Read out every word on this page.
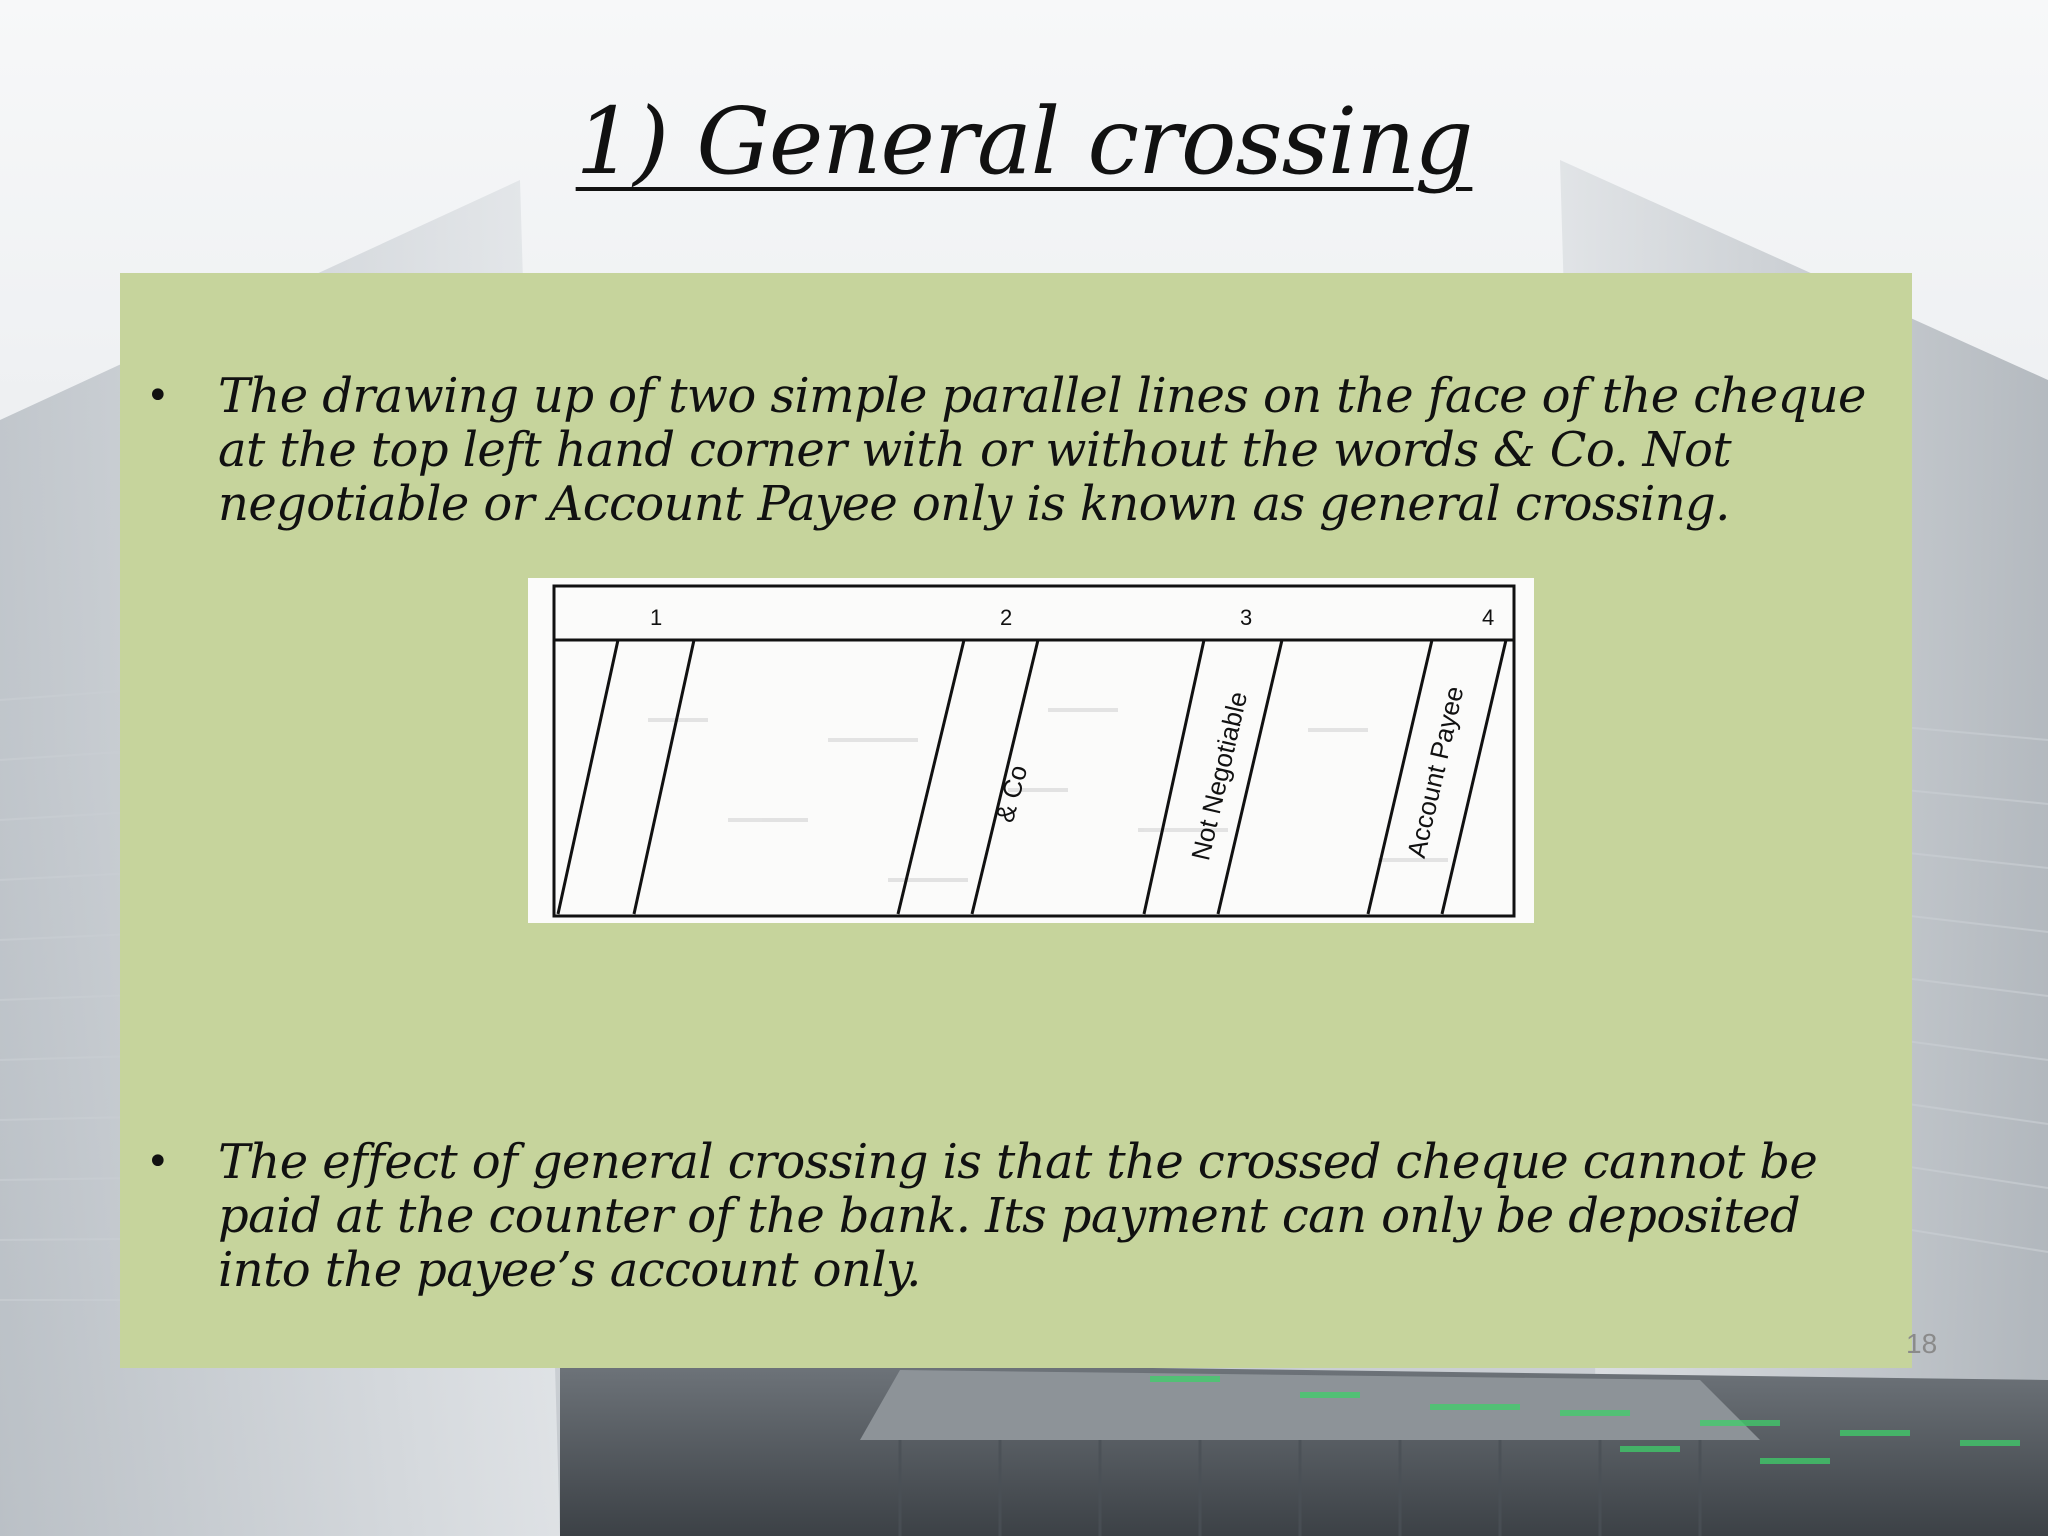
1) General crossing
• The drawing up of two simple parallel lines on the face of the cheque at the top left hand corner with or without the words & Co. Not negotiable or Account Payee only is known as general crossing.
1	2	3	4
& Co	Not Negotiable	Account Payee
• The effect of general crossing is that the crossed cheque cannot be paid at the counter of the bank. Its payment can only be deposited into the payee’s account only.
18
